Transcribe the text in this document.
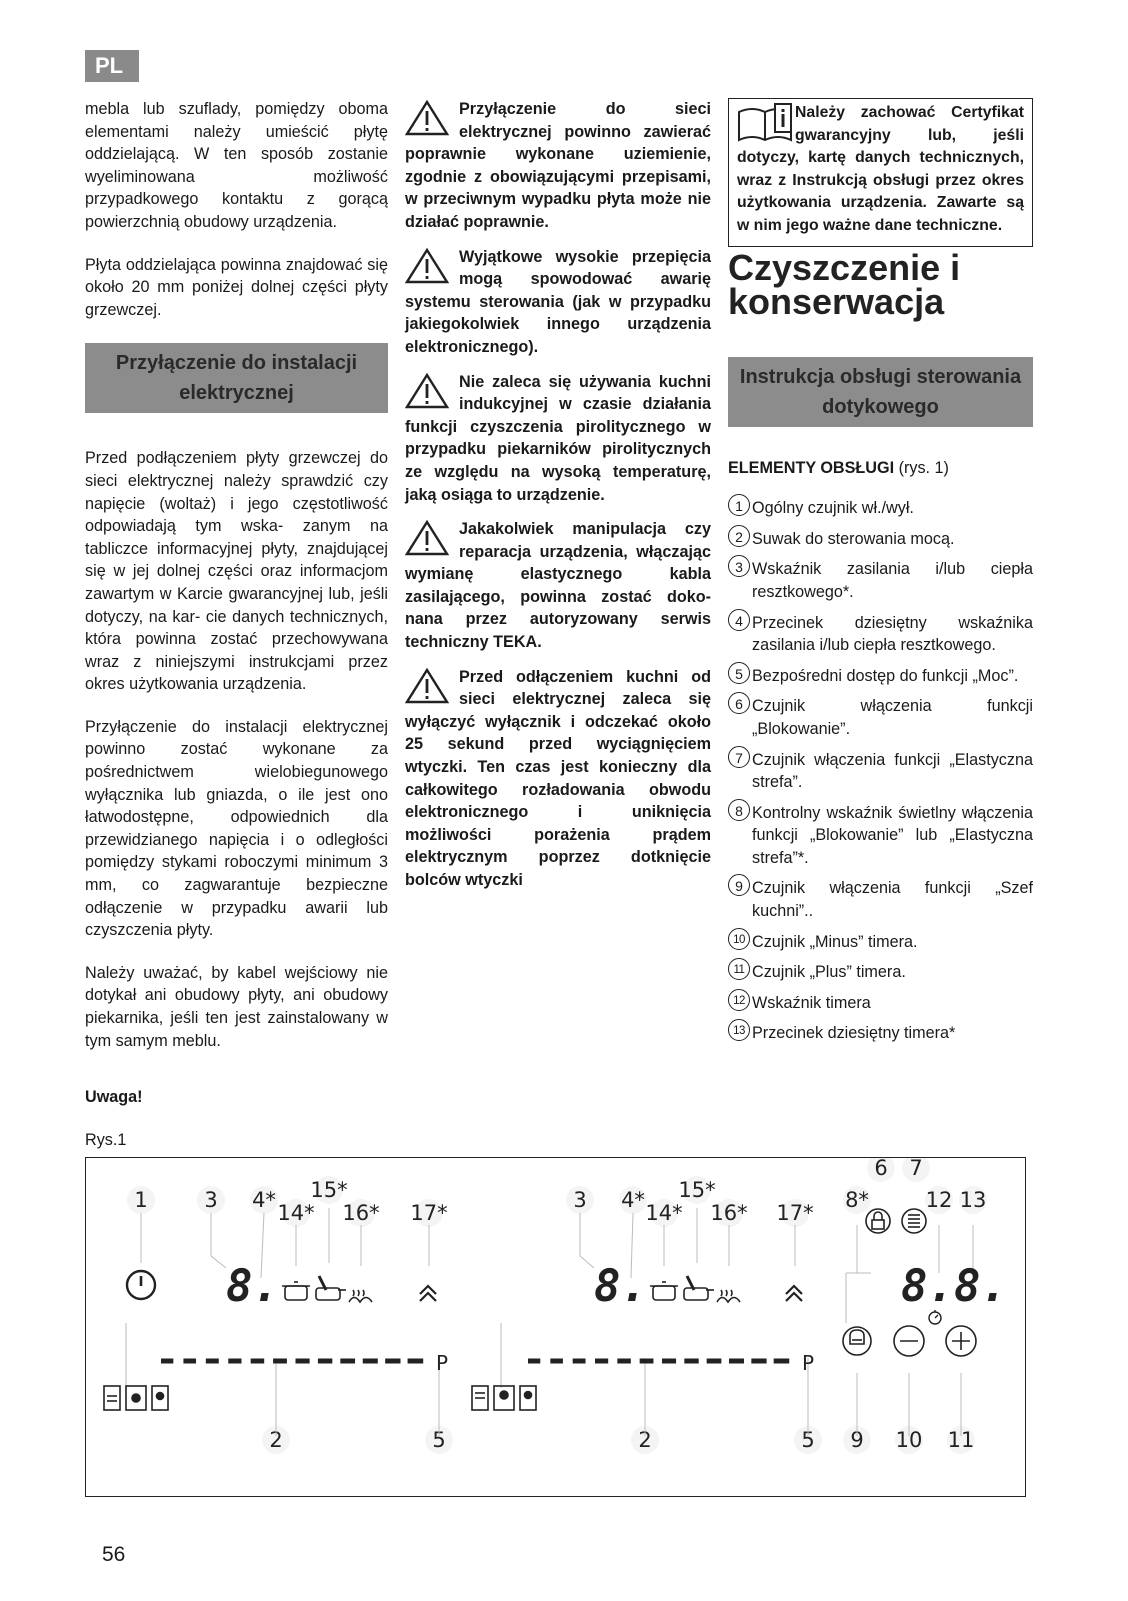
PL

mebla lub szuflady, pomiędzy oboma elementami należy umieścić płytę oddzielającą. W ten sposób zostanie wyeliminowana możliwość przypadkowego kontaktu z gorącą powierzchnią obudowy urządzenia.

Płyta oddzielająca powinna znajdować się około 20 mm poniżej dolnej części płyty grzewczej.

Przyłączenie do instalacji elektrycznej

Przed podłączeniem płyty grzewczej do sieci elektrycznej należy sprawdzić czy napięcie (woltaż) i jego częstotliwość odpowiadają tym wska- zanym na tabliczce informacyjnej płyty, znajdującej się w jej dolnej części oraz informacjom zawartym w Karcie gwarancyjnej lub, jeśli dotyczy, na kar- cie danych technicznych, która powinna zostać przechowywana wraz z niniejszymi instrukcjami przez okres użytkowania urządzenia.

Przyłączenie do instalacji elektrycznej powinno zostać wykonane za pośrednictwem wielobiegunowego wyłącznika lub gniazda, o ile jest ono łatwodostępne, odpowiednich dla przewidzianego napięcia i o odległości pomiędzy stykami roboczymi minimum 3 mm, co zagwarantuje bezpieczne odłączenie w przypadku awarii lub czyszczenia płyty.

Należy uważać, by kabel wejściowy nie dotykał ani obudowy płyty, ani obudowy piekarnika, jeśli ten jest zainstalowany w tym samym meblu.

Uwaga!
Przyłączenie do sieci elektrycznej powinno zawierać poprawnie wykonane uziemienie, zgodnie z obowiązującymi przepisami, w przeciwnym wypadku płyta może nie działać poprawnie.
Wyjątkowe wysokie przepięcia mogą spowodować awarię systemu sterowania (jak w przypadku jakiegokolwiek innego urządzenia elektronicznego).
Nie zaleca się używania kuchni indukcyjnej w czasie działania funkcji czyszczenia pirolitycznego w przypadku piekarników pirolitycznych ze względu na wysoką temperaturę, jaką osiąga to urządzenie.
Jakakolwiek manipulacja czy reparacja urządzenia, włączając wymianę elastycznego kabla zasilającego, powinna zostać doko- nana przez autoryzowany serwis techniczny TEKA.
Przed odłączeniem kuchni od sieci elektrycznej zaleca się wyłączyć wyłącznik i odczekać około 25 sekund przed wyciągnięciem wtyczki. Ten czas jest konieczny dla całkowitego rozładowania obwodu elektronicznego i uniknięcia możliwości porażenia prądem elektrycznym poprzez dotknięcie bolców wtyczki
Należy zachować Certyfikat gwarancyjny lub, jeśli dotyczy, kartę danych technicznych, wraz z Instrukcją obsługi przez okres użytkowania urządzenia. Zawarte są w nim jego ważne dane techniczne.
Czyszczenie i
konserwacja
Instrukcja obsługi sterowania dotykowego
ELEMENTY OBSŁUGI (rys. 1)
1 Ogólny czujnik wł./wył.
2 Suwak do sterowania mocą.
3 Wskaźnik zasilania i/lub ciepła resztkowego*.
4 Przecinek dziesiętny wskaźnika zasilania i/lub ciepła resztkowego.
5 Bezpośredni dostęp do funkcji „Moc”.
6 Czujnik włączenia funkcji „Blokowanie”.
7 Czujnik włączenia funkcji „Elastyczna strefa”.
8 Kontrolny wskaźnik świetlny włączenia funkcji „Blokowanie” lub „Elastyczna strefa”*.
9 Czujnik włączenia funkcji „Szef kuchni”..
10 Czujnik „Minus” timera.
11 Czujnik „Plus” timera.
12 Wskaźnik timera
13 Przecinek dziesiętny timera*
Rys.1
1	3 4*
14*
15*
16* 17*
3 4*
14*
15*
16* 17*
6 7
8*	12 13
2	5	2	5 9 10 11
8.
P
8.
P
8.8.
56
